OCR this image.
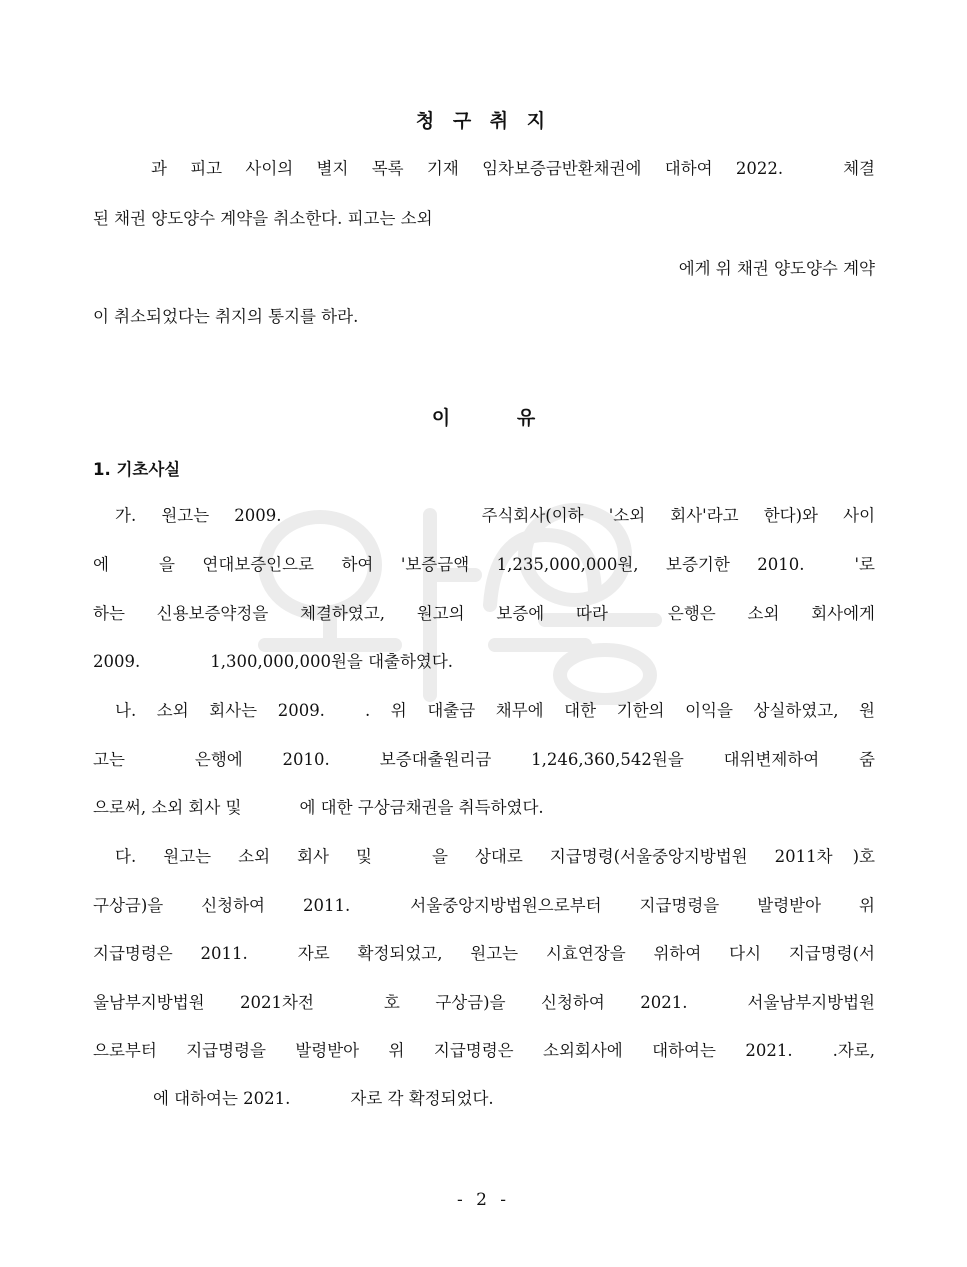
청 구 취 지
과 피고 사이의 별지 목록 기재 임차보증금반환채권에 대하여 2022.	체결
된 채권 양도양수 계약을 취소한다. 피고는 소외
에게 위 채권 양도양수 계약
이 취소되었다는 취지의 통지를 하라.
이	유
1. 기초사실
가. 원고는 2009.	주식회사(이하 '소외 회사'라고 한다)와 사이
에	을 연대보증인으로 하여 '보증금액 1,235,000,000원, 보증기한 2010.	'로
하는 신용보증약정을 체결하였고, 원고의 보증에 따라	은행은 소외 회사에게
2009.	1,300,000,000원을 대출하였다.
나. 소외 회사는 2009. . 위 대출금 채무에 대한 기한의 이익을 상실하였고, 원
고는	은행에 2010.	보증대출원리금 1,246,360,542원을 대위변제하여 줌
으로써, 소외 회사 및	에 대한 구상금채권을 취득하였다.
다. 원고는 소외 회사 및	을 상대로 지급명령(서울중앙지방법원 2011차 )호
구상금)을 신청하여 2011.	서울중앙지방법원으로부터 지급명령을 발령받아 위
지급명령은 2011.	자로 확정되었고, 원고는 시효연장을 위하여 다시 지급명령(서
울남부지방법원 2021차전	호 구상금)을 신청하여 2021.	서울남부지방법원
으로부터 지급명령을 발령받아 위 지급명령은 소외회사에 대하여는 2021. .자로,
에 대하여는 2021.	자로 각 확정되었다.
- 2 -
